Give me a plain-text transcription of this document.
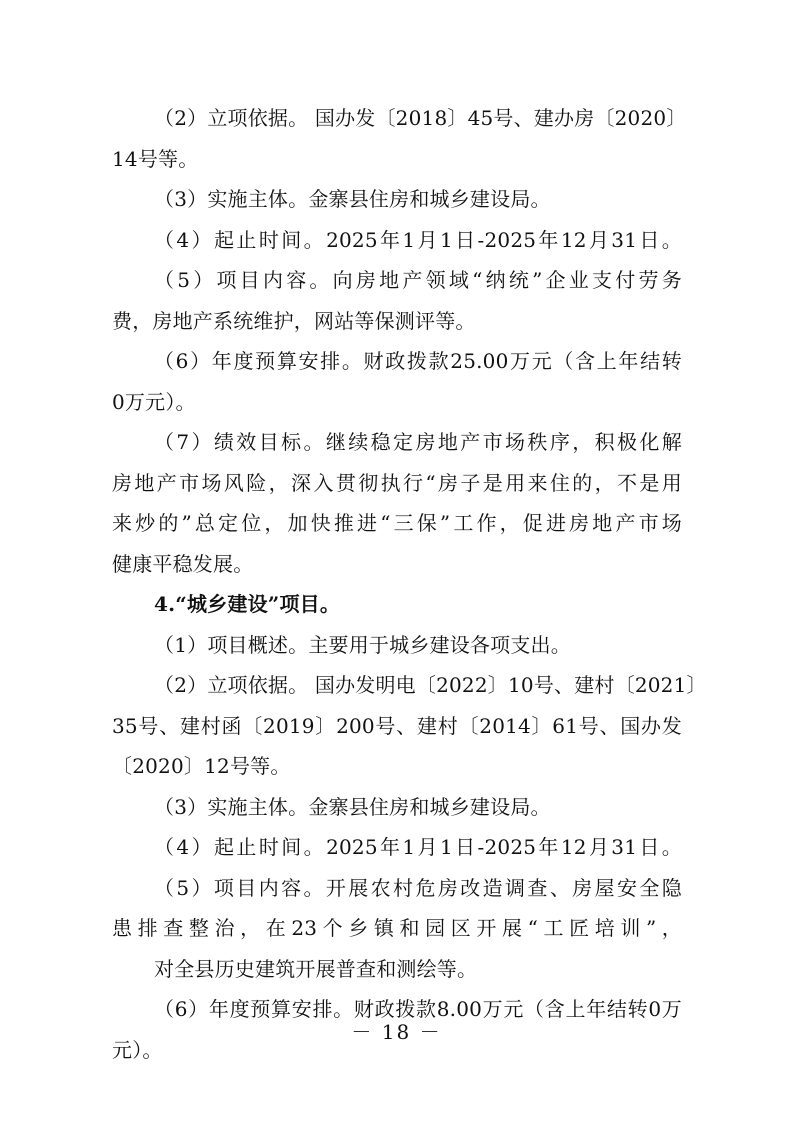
（2）立项依据。 国办发〔2018〕45号、建办房〔2020〕
14号等。
（3）实施主体。金寨县住房和城乡建设局。
（4）起止时间。2025年1月1日-2025年12月31日。
（5）项目内容。向房地产领域“纳统”企业支付劳务
费，房地产系统维护，网站等保测评等。
（6）年度预算安排。财政拨款25.00万元（含上年结转
0万元）。
（7）绩效目标。继续稳定房地产市场秩序，积极化解
房地产市场风险，深入贯彻执行“房子是用来住的，不是用
来炒的”总定位，加快推进“三保”工作，促进房地产市场
健康平稳发展。
4.“城乡建设”项目。
（1）项目概述。主要用于城乡建设各项支出。
（2）立项依据。 国办发明电〔2022〕10号、建村〔2021〕
35号、建村函〔2019〕200号、建村〔2014〕61号、国办发
〔2020〕12号等。
（3）实施主体。金寨县住房和城乡建设局。
（4）起止时间。2025年1月1日-2025年12月31日。
（5）项目内容。开展农村危房改造调查、房屋安全隐
患排查整治，在23个乡镇和园区开展“工匠培训”，
对全县历史建筑开展普查和测绘等。
（6）年度预算安排。财政拨款8.00万元（含上年结转0万
元）。
－ 18 －
